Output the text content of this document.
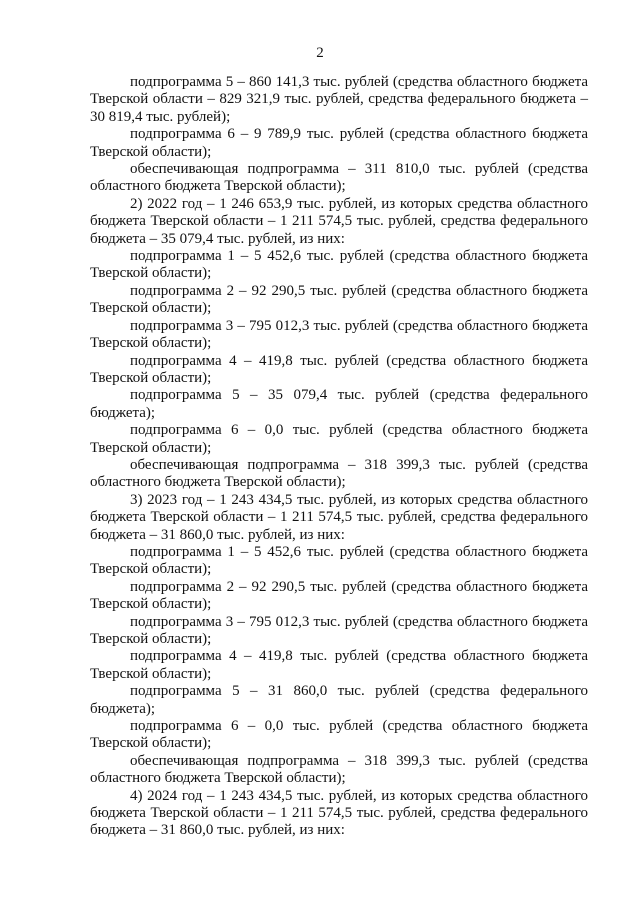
2

подпрограмма 5 – 860 141,3 тыс. рублей (средства областного бюджета Тверской области – 829 321,9 тыс. рублей, средства федерального бюджета – 30 819,4 тыс. рублей);

подпрограмма 6 – 9 789,9 тыс. рублей (средства областного бюджета Тверской области);

обеспечивающая подпрограмма – 311 810,0 тыс. рублей (средства областного бюджета Тверской области);

2) 2022 год – 1 246 653,9 тыс. рублей, из которых средства областного бюджета Тверской области – 1 211 574,5 тыс. рублей, средства федерального бюджета – 35 079,4 тыс. рублей, из них:

подпрограмма 1 – 5 452,6 тыс. рублей (средства областного бюджета Тверской области);

подпрограмма 2 – 92 290,5 тыс. рублей (средства областного бюджета Тверской области);

подпрограмма 3 – 795 012,3 тыс. рублей (средства областного бюджета Тверской области);

подпрограмма 4 – 419,8 тыс. рублей (средства областного бюджета Тверской области);

подпрограмма 5 – 35 079,4 тыс. рублей (средства федерального бюджета);

подпрограмма 6 – 0,0 тыс. рублей (средства областного бюджета Тверской области);

обеспечивающая подпрограмма – 318 399,3 тыс. рублей (средства областного бюджета Тверской области);

3) 2023 год – 1 243 434,5 тыс. рублей, из которых средства областного бюджета Тверской области – 1 211 574,5 тыс. рублей, средства федерального бюджета – 31 860,0 тыс. рублей, из них:

подпрограмма 1 – 5 452,6 тыс. рублей (средства областного бюджета Тверской области);

подпрограмма 2 – 92 290,5 тыс. рублей (средства областного бюджета Тверской области);

подпрограмма 3 – 795 012,3 тыс. рублей (средства областного бюджета Тверской области);

подпрограмма 4 – 419,8 тыс. рублей (средства областного бюджета Тверской области);

подпрограмма 5 – 31 860,0 тыс. рублей (средства федерального бюджета);

подпрограмма 6 – 0,0 тыс. рублей (средства областного бюджета Тверской области);

обеспечивающая подпрограмма – 318 399,3 тыс. рублей (средства областного бюджета Тверской области);

4) 2024 год – 1 243 434,5 тыс. рублей, из которых средства областного бюджета Тверской области – 1 211 574,5 тыс. рублей, средства федерального бюджета – 31 860,0 тыс. рублей, из них:
